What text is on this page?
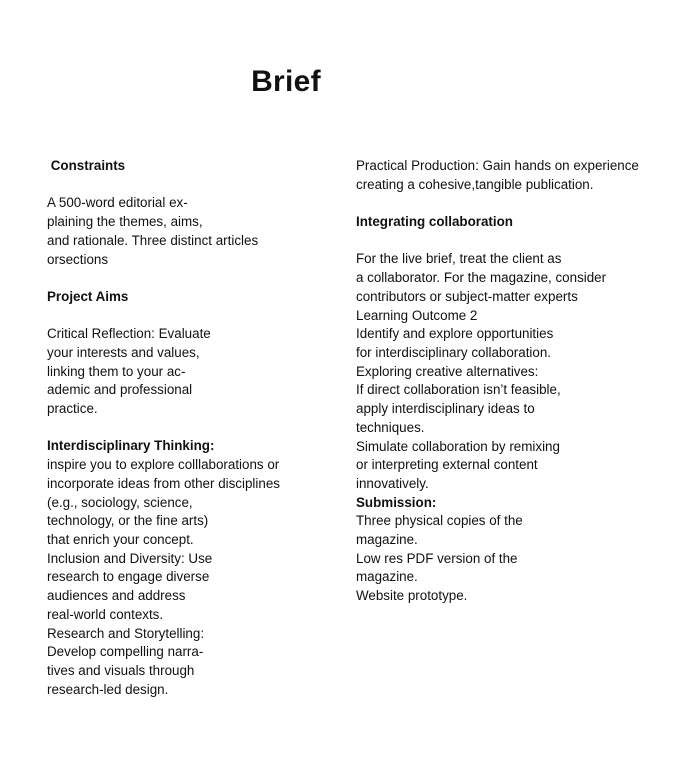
Brief
Constraints
A 500-word editorial ex-
plaining the themes, aims,
and rationale. Three distinct articles
orsections
Project Aims
Critical Reflection: Evaluate
your interests and values,
linking them to your ac-
ademic and professional
practice.
Interdisciplinary Thinking:
inspire you to explore colllaborations or
incorporate ideas from other disciplines
(e.g., sociology, science,
technology, or the fine arts)
that enrich your concept.
Inclusion and Diversity: Use
research to engage diverse
audiences and address
real-world contexts.
Research and Storytelling:
Develop compelling narra-
tives and visuals through
research-led design.
Practical Production: Gain hands on experience
creating a cohesive,tangible publication.
Integrating collaboration
For the live brief, treat the client as
a collaborator. For the magazine, consider
contributors or subject-matter experts
Learning Outcome 2
Identify and explore opportunities
for interdisciplinary collaboration.
Exploring creative alternatives:
If direct collaboration isn’t feasible,
apply interdisciplinary ideas to
techniques.
Simulate collaboration by remixing
or interpreting external content
innovatively.
Submission:
Three physical copies of the
magazine.
Low res PDF version of the
magazine.
Website prototype.
